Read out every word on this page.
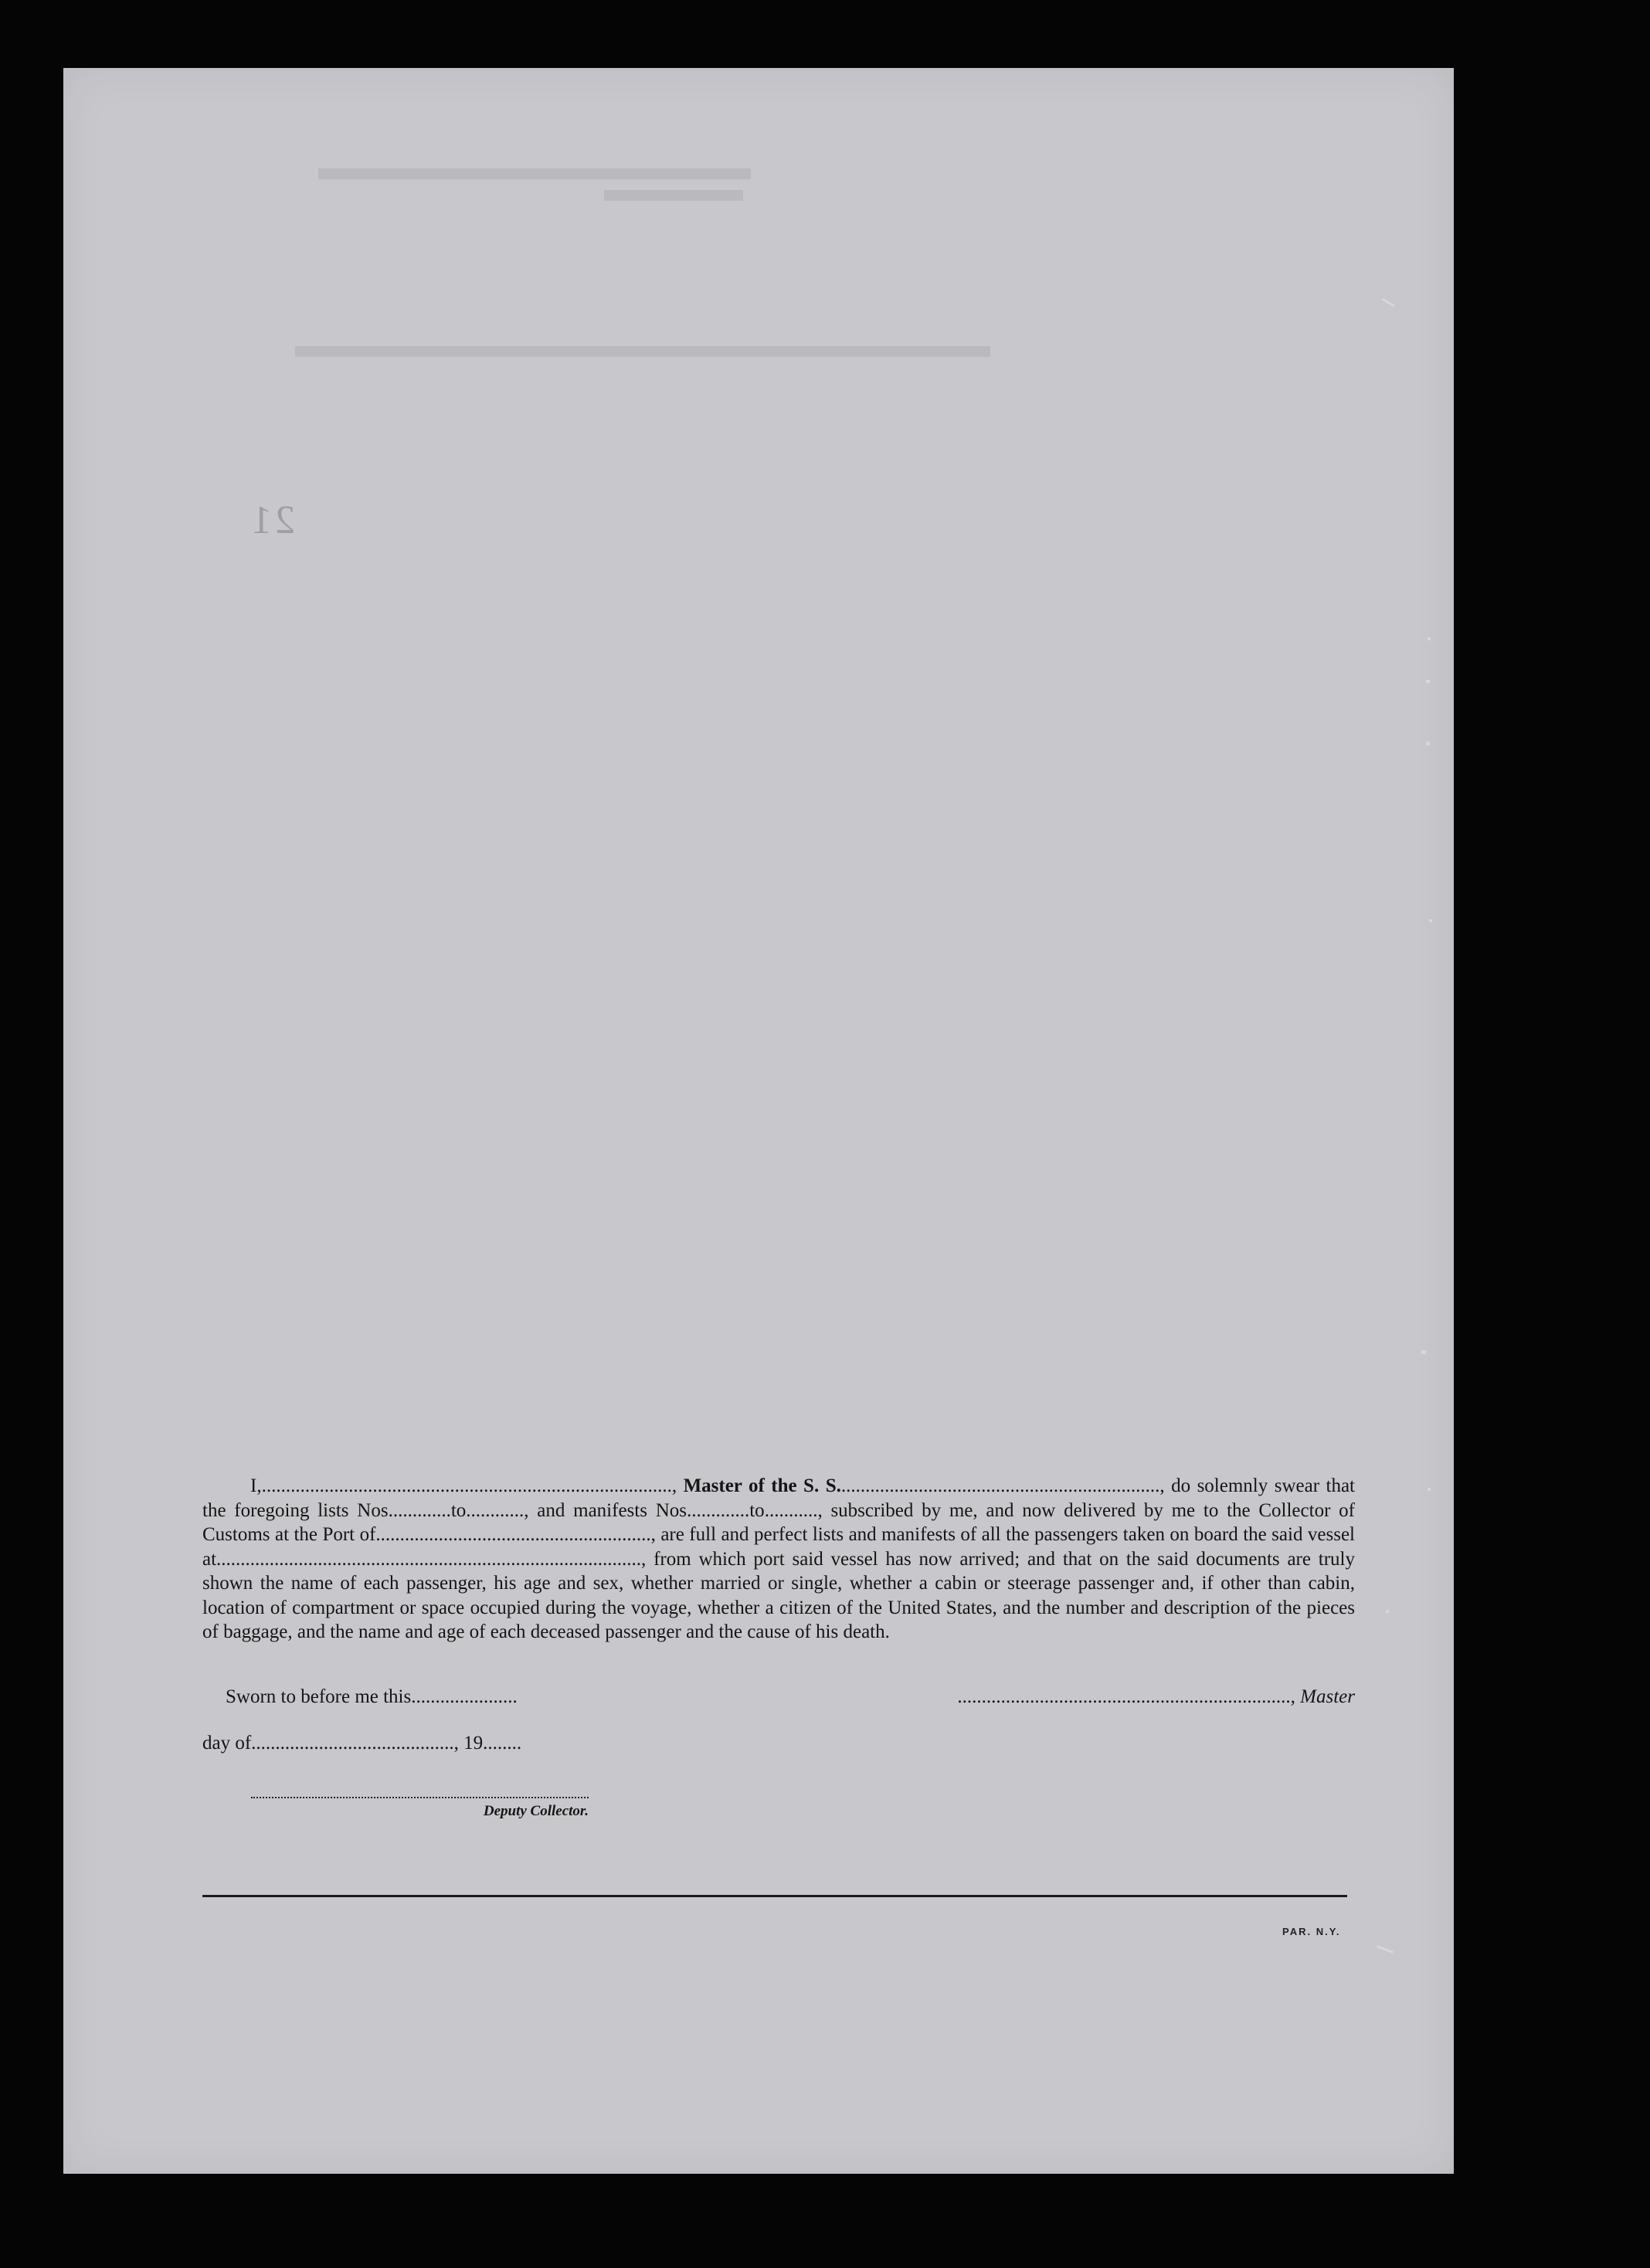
21
I,....................................................................................., Master of the S. S..................................................................., do solemnly swear that the foregoing lists Nos.............to............, and manifests Nos.............to..........., subscribed by me, and now delivered by me to the Collector of Customs at the Port of........................................................., are full and perfect lists and manifests of all the passengers taken on board the said vessel at........................................................................................, from which port said vessel has now arrived; and that on the said documents are truly shown the name of each passenger, his age and sex, whether married or single, whether a cabin or steerage passenger and, if other than cabin, location of compartment or space occupied during the voyage, whether a citizen of the United States, and the number and description of the pieces of baggage, and the name and age of each deceased passenger and the cause of his death.
Sworn to before me this......................	....................................................................., Master
day of.........................................., 19........
Deputy Collector.
PAR. N.Y.
